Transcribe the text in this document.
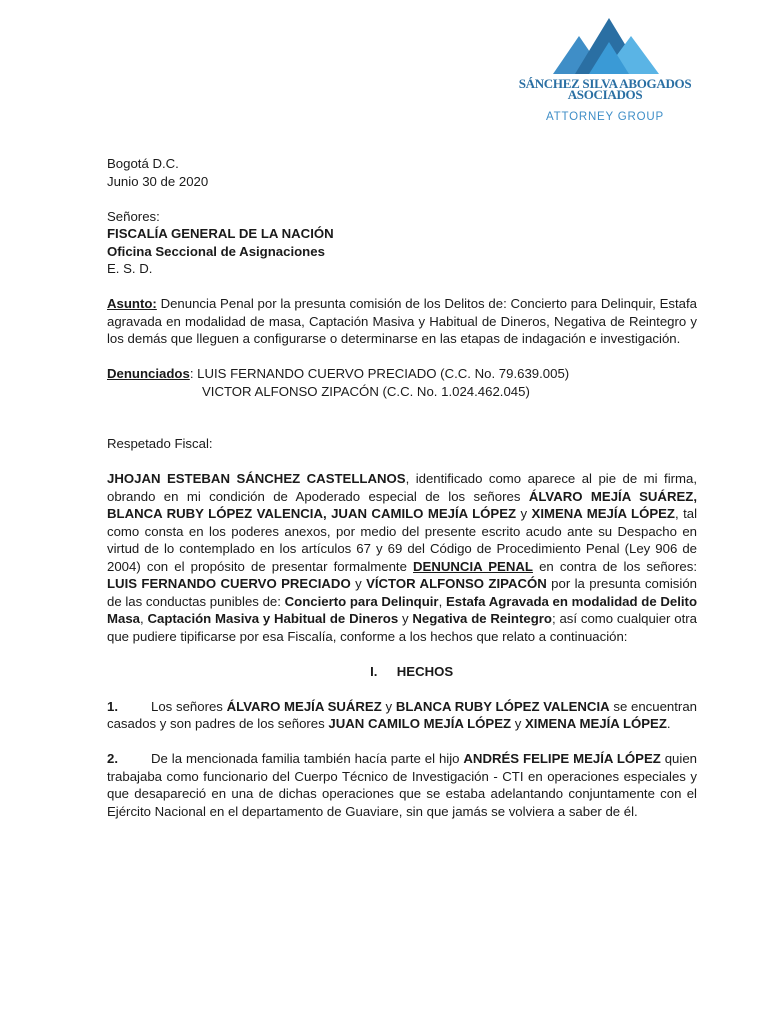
SÁNCHEZ SILVA ABOGADOS
ASOCIADOS
ATTORNEY GROUP

Bogotá D.C.

Junio 30 de 2020

Señores:

FISCALÍA GENERAL DE LA NACIÓN

Oficina Seccional de Asignaciones

E. S. D.

Asunto: Denuncia Penal por la presunta comisión de los Delitos de: Concierto para Delinquir, Estafa agravada en modalidad de masa, Captación Masiva y Habitual de Dineros, Negativa de Reintegro y los demás que lleguen a configurarse o determinarse en las etapas de indagación e investigación.

Denunciados: LUIS FERNANDO CUERVO PRECIADO (C.C. No. 79.639.005)

VICTOR ALFONSO ZIPACÓN (C.C. No. 1.024.462.045)

Respetado Fiscal:

JHOJAN ESTEBAN SÁNCHEZ CASTELLANOS, identificado como aparece al pie de mi firma, obrando en mi condición de Apoderado especial de los señores ÁLVARO MEJÍA SUÁREZ, BLANCA RUBY LÓPEZ VALENCIA, JUAN CAMILO MEJÍA LÓPEZ y XIMENA MEJÍA LÓPEZ, tal como consta en los poderes anexos, por medio del presente escrito acudo ante su Despacho en virtud de lo contemplado en los artículos 67 y 69 del Código de Procedimiento Penal (Ley 906 de 2004) con el propósito de presentar formalmente DENUNCIA PENAL en contra de los señores: LUIS FERNANDO CUERVO PRECIADO y VÍCTOR ALFONSO ZIPACÓN por la presunta comisión de las conductas punibles de: Concierto para Delinquir, Estafa Agravada en modalidad de Delito Masa, Captación Masiva y Habitual de Dineros y Negativa de Reintegro; así como cualquier otra que pudiere tipificarse por esa Fiscalía, conforme a los hechos que relato a continuación:

I. HECHOS

1.	Los señores ÁLVARO MEJÍA SUÁREZ y BLANCA RUBY LÓPEZ VALENCIA se encuentran casados y son padres de los señores JUAN CAMILO MEJÍA LÓPEZ y XIMENA MEJÍA LÓPEZ.

2.	De la mencionada familia también hacía parte el hijo ANDRÉS FELIPE MEJÍA LÓPEZ quien trabajaba como funcionario del Cuerpo Técnico de Investigación - CTI en operaciones especiales y que desapareció en una de dichas operaciones que se estaba adelantando conjuntamente con el Ejército Nacional en el departamento de Guaviare, sin que jamás se volviera a saber de él.
